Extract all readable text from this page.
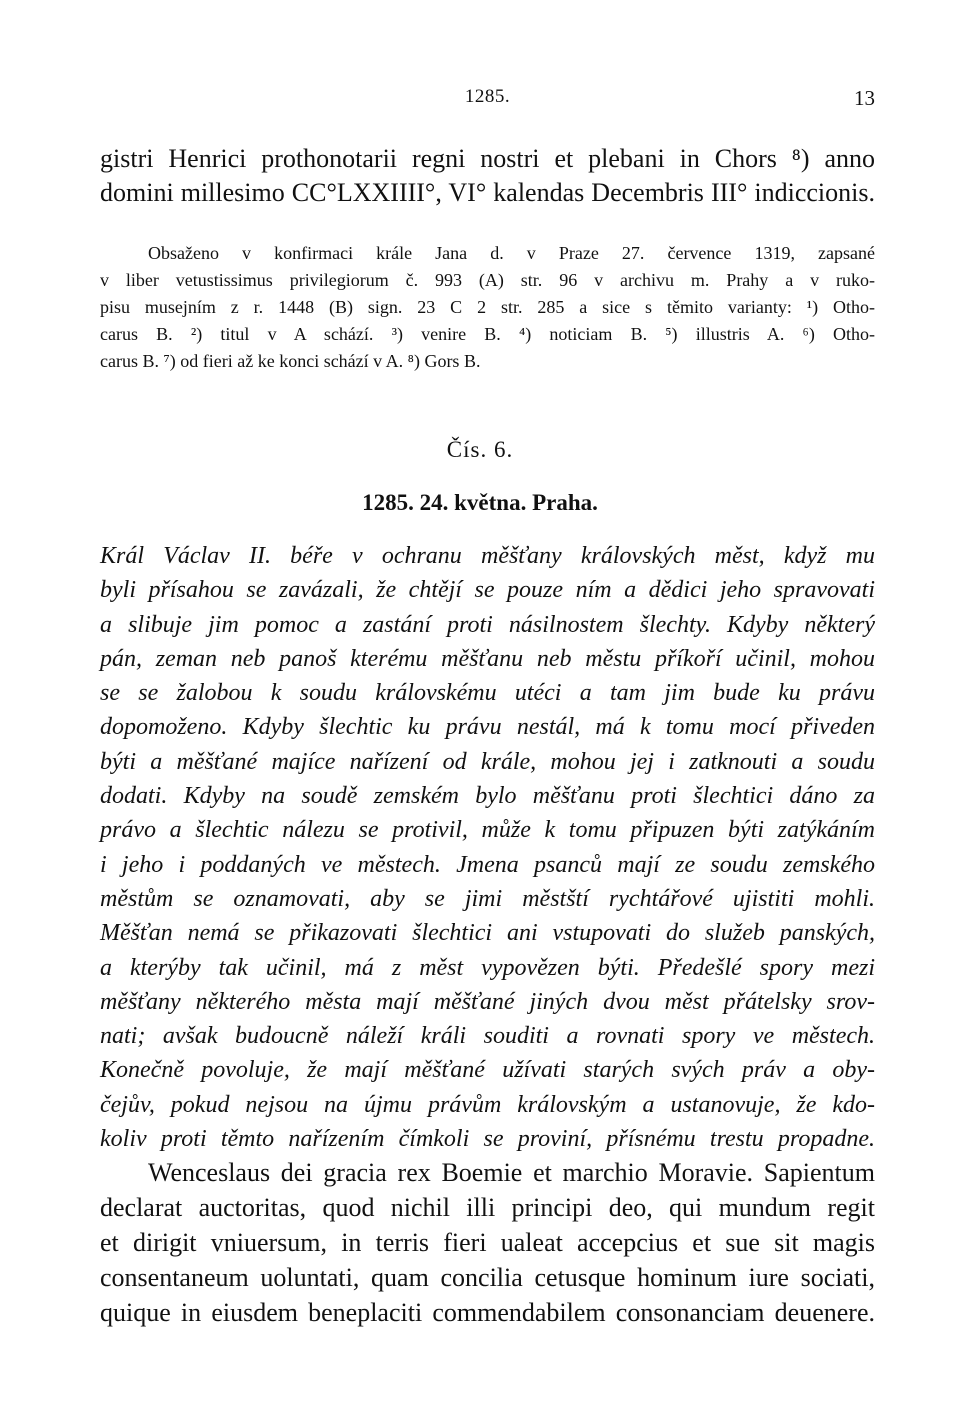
1285.	13
gistri Henrici prothonotarii regni nostri et plebani in Chors ⁸) anno
domini millesimo CC°LXXIIII°, VI° kalendas Decembris III° indiccionis.
Obsaženo v konfirmaci krále Jana d. v Praze 27. července 1319, zapsané
v liber vetustissimus privilegiorum č. 993 (A) str. 96 v archivu m. Prahy a v ruko-
pisu musejním z r. 1448 (B) sign. 23 C 2 str. 285 a sice s těmito varianty: ¹) Otho-
carus B. ²) titul v A schází. ³) venire B. ⁴) noticiam B. ⁵) illustris A. ⁶) Otho-
carus B. ⁷) od fieri až ke konci schází v A. ⁸) Gors B.
Čís. 6.
1285. 24. května. Praha.
Král Václav II. béře v ochranu měšťany královských měst, když mu
byli přísahou se zavázali, že chtějí se pouze ním a dědici jeho spravovati
a slibuje jim pomoc a zastání proti násilnostem šlechty. Kdyby některý
pán, zeman neb panoš kterému měšťanu neb městu příkoří učinil, mohou
se se žalobou k soudu královskému utéci a tam jim bude ku právu
dopomoženo. Kdyby šlechtic ku právu nestál, má k tomu mocí přiveden
býti a měšťané majíce nařízení od krále, mohou jej i zatknouti a soudu
dodati. Kdyby na soudě zemském bylo měšťanu proti šlechtici dáno za
právo a šlechtic nálezu se protivil, může k tomu připuzen býti zatýkáním
i jeho i poddaných ve městech. Jmena psanců mají ze soudu zemského
městům se oznamovati, aby se jimi městští rychtářové ujistiti mohli.
Měšťan nemá se přikazovati šlechtici ani vstupovati do služeb panských,
a kterýby tak učinil, má z měst vypovězen býti. Předešlé spory mezi
měšťany některého města mají měšťané jiných dvou měst přátelsky srov-
nati; avšak budoucně náleží králi souditi a rovnati spory ve městech.
Konečně povoluje, že mají měšťané užívati starých svých práv a oby-
čejův, pokud nejsou na újmu právům královským a ustanovuje, že kdo-
koliv proti těmto nařízením čímkoli se proviní, přísnému trestu propadne.
Wenceslaus dei gracia rex Boemie et marchio Moravie. Sapientum
declarat auctoritas, quod nichil illi principi deo, qui mundum regit
et dirigit vniuersum, in terris fieri ualeat accepcius et sue sit magis
consentaneum uoluntati, quam concilia cetusque hominum iure sociati,
quique in eiusdem beneplaciti commendabilem consonanciam deuenere.
